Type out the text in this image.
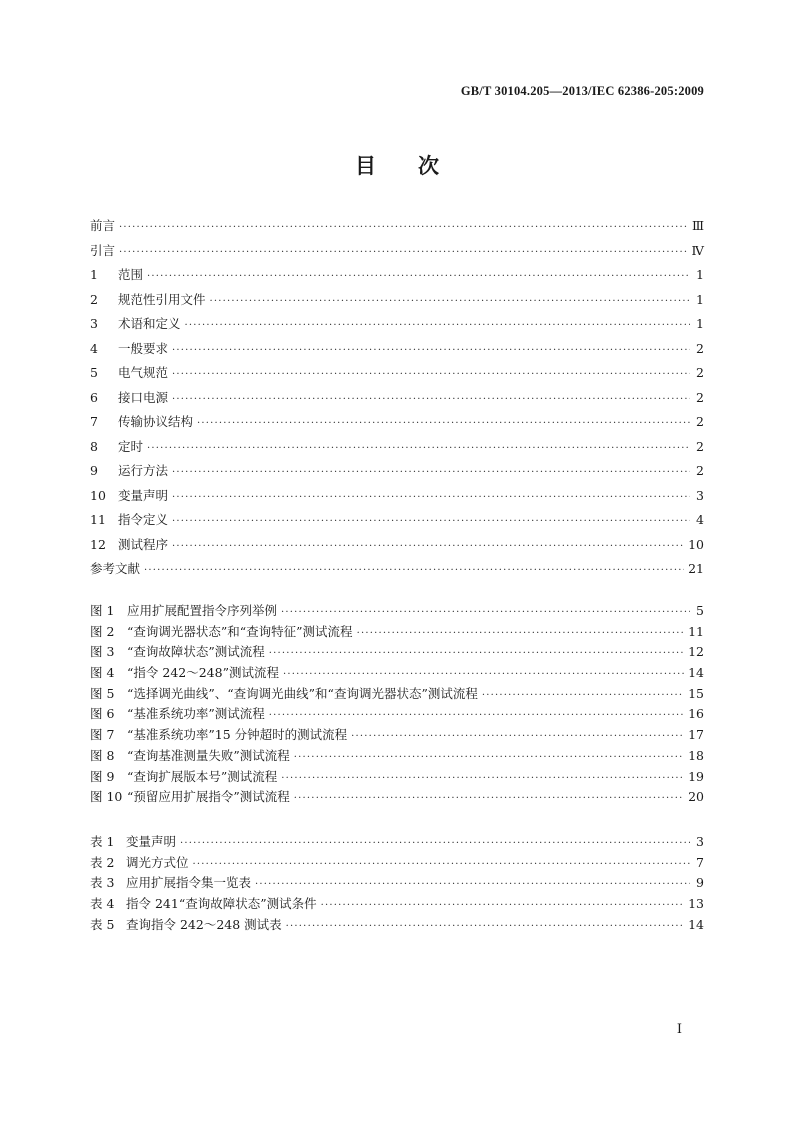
GB/T 30104.205—2013/IEC 62386-205:2009
目次
前言 ·····	Ⅲ
引言 ·····	Ⅳ
1 范围 ·····	1
2 规范性引用文件 ·····	1
3 术语和定义 ·····	1
4 一般要求 ·····	2
5 电气规范 ·····	2
6 接口电源 ·····	2
7 传输协议结构 ·····	2
8 定时 ·····	2
9 运行方法 ·····	2
10 变量声明 ·····	3
11 指令定义 ·····	4
12 测试程序 ·····	10
参考文献 ·····	21
图 1 应用扩展配置指令序列举例 ·····	5
图 2 “查询调光器状态”和“查询特征”测试流程 ·····	11
图 3 “查询故障状态”测试流程 ·····	12
图 4 “指令 242～248”测试流程 ·····	14
图 5 “选择调光曲线”、“查询调光曲线”和“查询调光器状态”测试流程 ·····	15
图 6 “基准系统功率”测试流程 ·····	16
图 7 “基准系统功率”15 分钟超时的测试流程 ·····	17
图 8 “查询基准测量失败”测试流程 ·····	18
图 9 “查询扩展版本号”测试流程 ·····	19
图 10 “预留应用扩展指令”测试流程 ·····	20
表 1 变量声明 ·····	3
表 2 调光方式位 ·····	7
表 3 应用扩展指令集一览表 ·····	9
表 4 指令 241“查询故障状态”测试条件 ·····	13
表 5 查询指令 242～248 测试表 ·····	14
I
